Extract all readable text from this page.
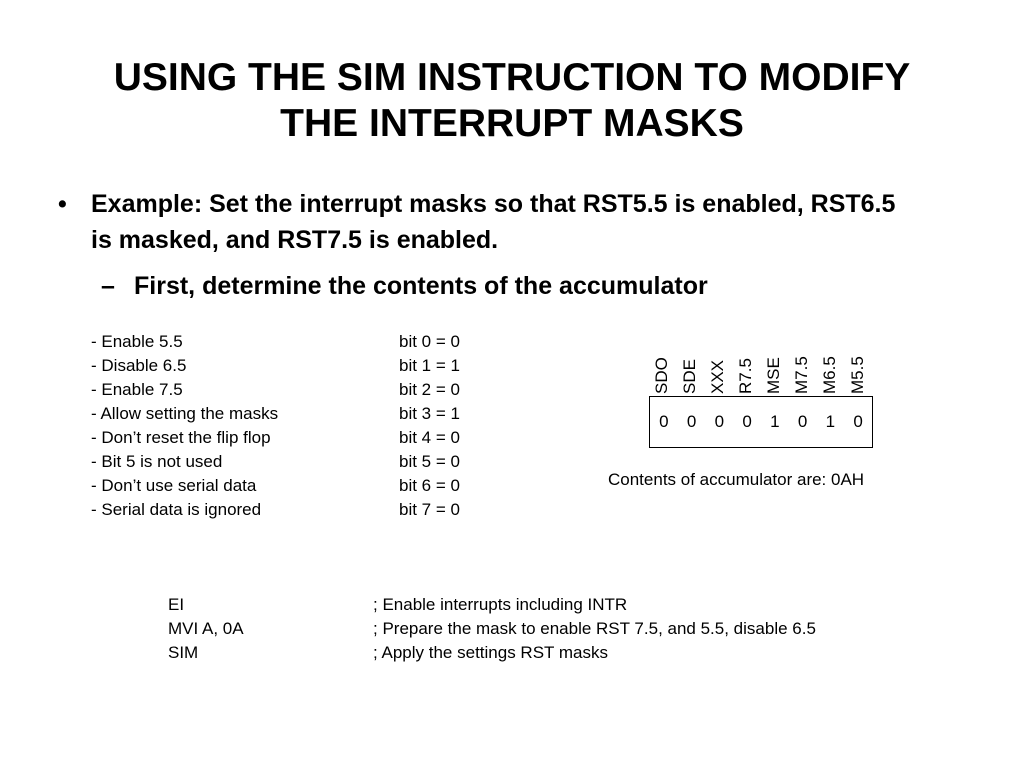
USING THE SIM INSTRUCTION TO MODIFY
THE INTERRUPT MASKS
• Example: Set the interrupt masks so that RST5.5 is enabled, RST6.5 is masked, and RST7.5 is enabled.
– First, determine the contents of the accumulator
- Enable 5.5	bit 0 = 0
- Disable 6.5	bit 1 = 1
- Enable 7.5	bit 2 = 0
- Allow setting the masks	bit 3 = 1
- Don’t reset the flip flop	bit 4 = 0
- Bit 5 is not used	bit 5 = 0
- Don’t use serial data	bit 6 = 0
- Serial data is ignored	bit 7 = 0
SDO SDE XXX R7.5 MSE M7.5 M6.5 M5.5
0	0	0	0	1	0	1	0
Contents of accumulator are: 0AH
EI	; Enable interrupts including INTR
MVI A, 0A	; Prepare the mask to enable RST 7.5, and 5.5, disable 6.5
SIM	; Apply the settings RST masks
